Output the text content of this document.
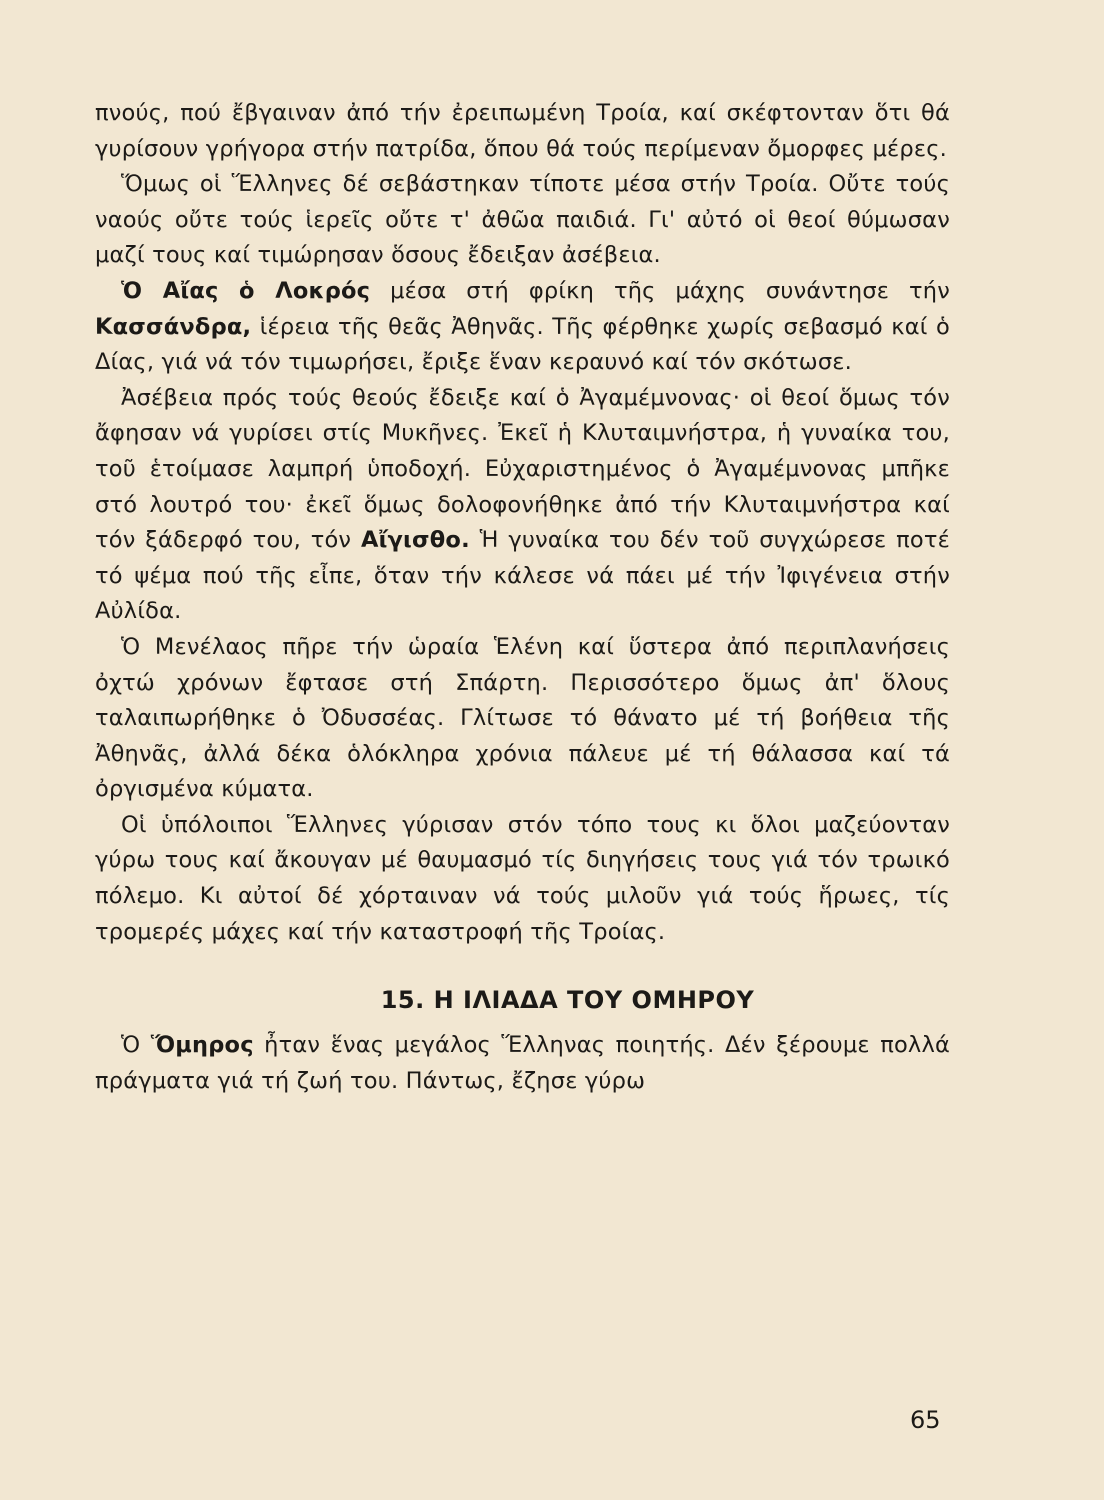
πνούς, πού ἔβγαιναν ἀπό τήν ἐρειπωμένη Τροία, καί σκέφτονταν ὅτι θά γυρίσουν γρήγορα στήν πατρίδα, ὅπου θά τούς περίμεναν ὄμορφες μέρες.

Ὅμως οἱ Ἕλληνες δέ σεβάστηκαν τίποτε μέσα στήν Τροία. Οὔτε τούς ναούς οὔτε τούς ἱερεῖς οὔτε τ' ἀθῶα παιδιά. Γι' αὐτό οἱ θεοί θύμωσαν μαζί τους καί τιμώρησαν ὅσους ἔδειξαν ἀσέβεια.

Ὁ Αἴας ὁ Λοκρός μέσα στή φρίκη τῆς μάχης συνάντησε τήν Κασσάνδρα, ἱέρεια τῆς θεᾶς Ἀθηνᾶς. Τῆς φέρθηκε χωρίς σεβασμό καί ὁ Δίας, γιά νά τόν τιμωρήσει, ἔριξε ἕναν κεραυνό καί τόν σκότωσε.

Ἀσέβεια πρός τούς θεούς ἔδειξε καί ὁ Ἀγαμέμνονας· οἱ θεοί ὅμως τόν ἄφησαν νά γυρίσει στίς Μυκῆνες. Ἐκεῖ ἡ Κλυταιμνήστρα, ἡ γυναίκα του, τοῦ ἑτοίμασε λαμπρή ὑποδοχή. Εὐχαριστημένος ὁ Ἀγαμέμνονας μπῆκε στό λουτρό του· ἐκεῖ ὅμως δολοφονήθηκε ἀπό τήν Κλυταιμνήστρα καί τόν ξάδερφό του, τόν Αἴγισθο. Ἡ γυναίκα του δέν τοῦ συγχώρεσε ποτέ τό ψέμα πού τῆς εἶπε, ὅταν τήν κάλεσε νά πάει μέ τήν Ἰφιγένεια στήν Αὐλίδα.

Ὁ Μενέλαος πῆρε τήν ὡραία Ἑλένη καί ὕστερα ἀπό περιπλανήσεις ὀχτώ χρόνων ἔφτασε στή Σπάρτη. Περισσότερο ὅμως ἀπ' ὅλους ταλαιπωρήθηκε ὁ Ὀδυσσέας. Γλίτωσε τό θάνατο μέ τή βοήθεια τῆς Ἀθηνᾶς, ἀλλά δέκα ὁλόκληρα χρόνια πάλευε μέ τή θάλασσα καί τά ὀργισμένα κύματα.

Οἱ ὑπόλοιποι Ἕλληνες γύρισαν στόν τόπο τους κι ὅλοι μαζεύονταν γύρω τους καί ἄκουγαν μέ θαυμασμό τίς διηγήσεις τους γιά τόν τρωικό πόλεμο. Κι αὐτοί δέ χόρταιναν νά τούς μιλοῦν γιά τούς ἥρωες, τίς τρομερές μάχες καί τήν καταστροφή τῆς Τροίας.

15. Η ΙΛΙΑΔΑ ΤΟΥ ΟΜΗΡΟΥ

Ὁ Ὅμηρος ἦταν ἕνας μεγάλος Ἕλληνας ποιητής. Δέν ξέρουμε πολλά πράγματα γιά τή ζωή του. Πάντως, ἔζησε γύρω

65
